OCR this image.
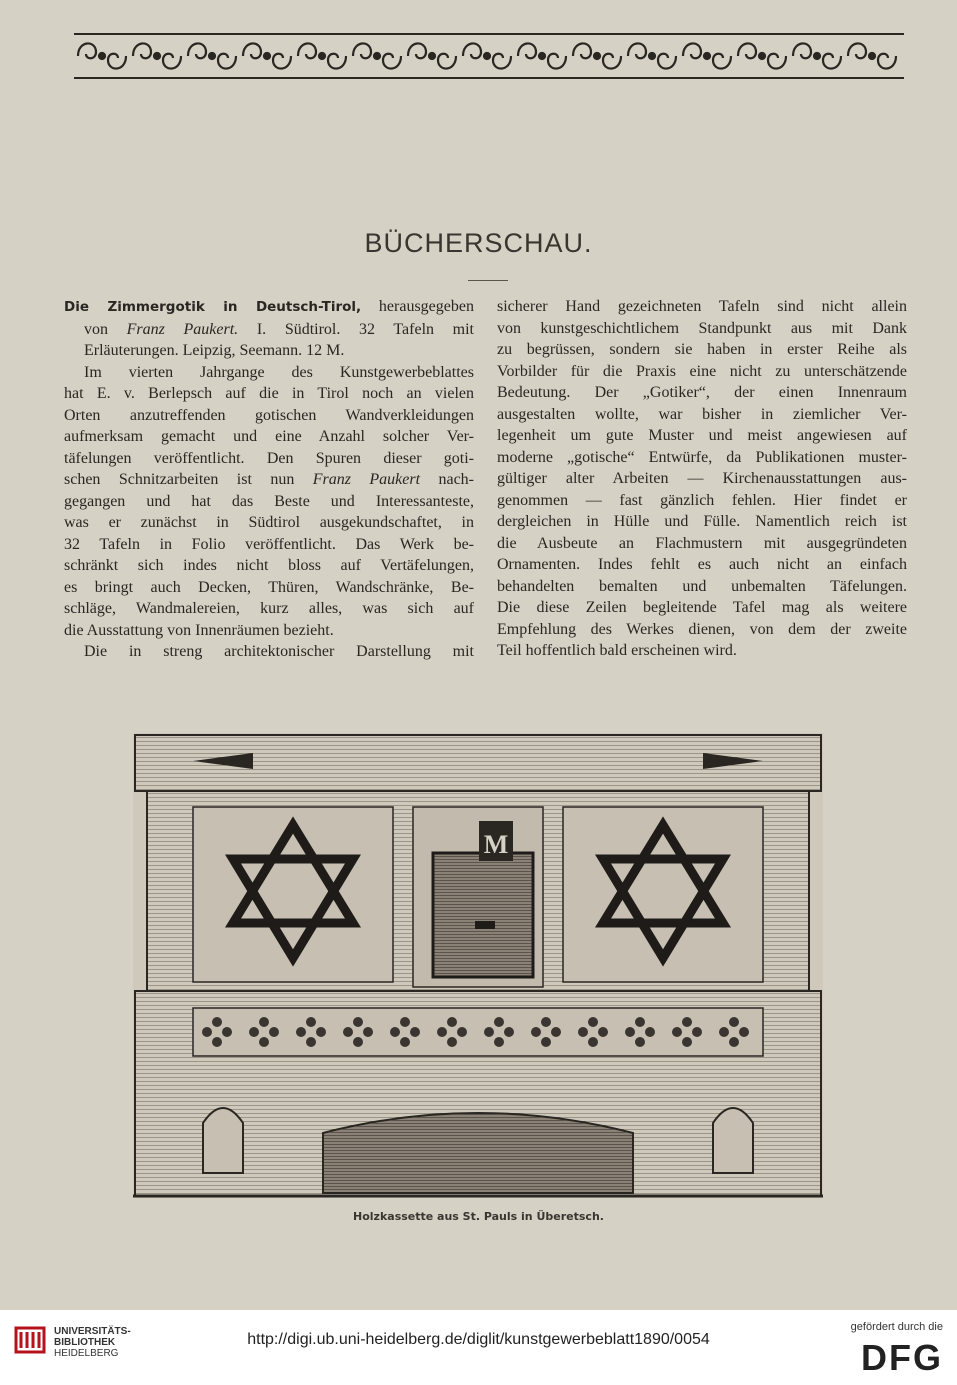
BÜCHERSCHAU.
Die Zimmergotik in Deutsch-Tirol, herausgegeben
von Franz Paukert. I. Südtirol. 32 Tafeln mit
Erläuterungen. Leipzig, Seemann. 12 M.
Im vierten Jahrgange des Kunstgewerbeblattes
hat E. v. Berlepsch auf die in Tirol noch an vielen
Orten anzutreffenden gotischen Wandverkleidungen
aufmerksam gemacht und eine Anzahl solcher Ver-
täfelungen veröffentlicht. Den Spuren dieser goti-
schen Schnitzarbeiten ist nun Franz Paukert nach-
gegangen und hat das Beste und Interessanteste,
was er zunächst in Südtirol ausgekundschaftet, in
32 Tafeln in Folio veröffentlicht. Das Werk be-
schränkt sich indes nicht bloss auf Vertäfelungen,
es bringt auch Decken, Thüren, Wandschränke, Be-
schläge, Wandmalereien, kurz alles, was sich auf
die Ausstattung von Innenräumen bezieht.
Die in streng architektonischer Darstellung mit
sicherer Hand gezeichneten Tafeln sind nicht allein
von kunstgeschichtlichem Standpunkt aus mit Dank
zu begrüssen, sondern sie haben in erster Reihe als
Vorbilder für die Praxis eine nicht zu unterschätzende
Bedeutung. Der „Gotiker“, der einen Innenraum
ausgestalten wollte, war bisher in ziemlicher Ver-
legenheit um gute Muster und meist angewiesen auf
moderne „gotische“ Entwürfe, da Publikationen muster-
gültiger alter Arbeiten — Kirchenausstattungen aus-
genommen — fast gänzlich fehlen. Hier findet er
dergleichen in Hülle und Fülle. Namentlich reich ist
die Ausbeute an Flachmustern mit ausgegründeten
Ornamenten. Indes fehlt es auch nicht an einfach
behandelten bemalten und unbemalten Täfelungen.
Die diese Zeilen begleitende Tafel mag als weitere
Empfehlung des Werkes dienen, von dem der zweite
Teil hoffentlich bald erscheinen wird.
M
Holzkassette aus St. Pauls in Überetsch.
UNIVERSITÄTS-
BIBLIOTHEK
HEIDELBERG
http://digi.ub.uni-heidelberg.de/diglit/kunstgewerbeblatt1890/0054
gefördert durch die
DFG
